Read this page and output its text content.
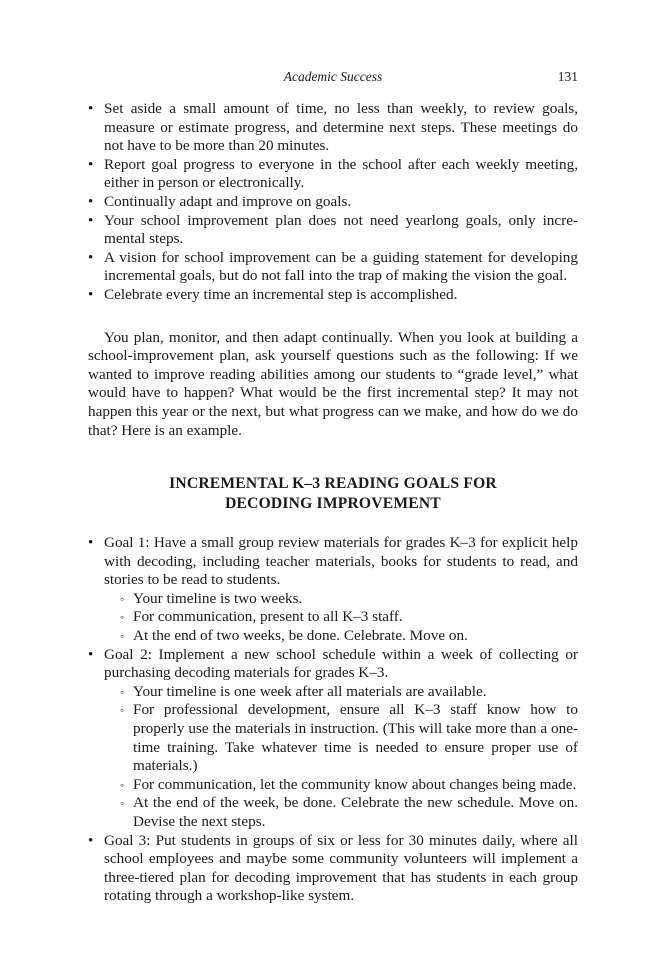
Academic Success	131
• Set aside a small amount of time, no less than weekly, to review goals, measure or estimate progress, and determine next steps. These meetings do not have to be more than 20 minutes.
• Report goal progress to everyone in the school after each weekly meeting, either in person or electronically.
• Continually adapt and improve on goals.
• Your school improvement plan does not need yearlong goals, only incre-mental steps.
• A vision for school improvement can be a guiding statement for developing incremental goals, but do not fall into the trap of making the vision the goal.
• Celebrate every time an incremental step is accomplished.

You plan, monitor, and then adapt continually. When you look at building a school-improvement plan, ask yourself questions such as the following: If we wanted to improve reading abilities among our students to “grade level,” what would have to happen? What would be the first incremental step? It may not happen this year or the next, but what progress can we make, and how do we do that? Here is an example.

INCREMENTAL K–3 READING GOALS FOR
DECODING IMPROVEMENT
• Goal 1: Have a small group review materials for grades K–3 for explicit help with decoding, including teacher materials, books for students to read, and stories to be read to students.
◦ Your timeline is two weeks.
◦ For communication, present to all K–3 staff.
◦ At the end of two weeks, be done. Celebrate. Move on.
• Goal 2: Implement a new school schedule within a week of collecting or purchasing decoding materials for grades K–3.
◦ Your timeline is one week after all materials are available.
◦ For professional development, ensure all K–3 staff know how to properly use the materials in instruction. (This will take more than a one-time training. Take whatever time is needed to ensure proper use of materials.)
◦ For communication, let the community know about changes being made.
◦ At the end of the week, be done. Celebrate the new schedule. Move on. Devise the next steps.
• Goal 3: Put students in groups of six or less for 30 minutes daily, where all school employees and maybe some community volunteers will implement a three-tiered plan for decoding improvement that has students in each group rotating through a workshop-like system.
